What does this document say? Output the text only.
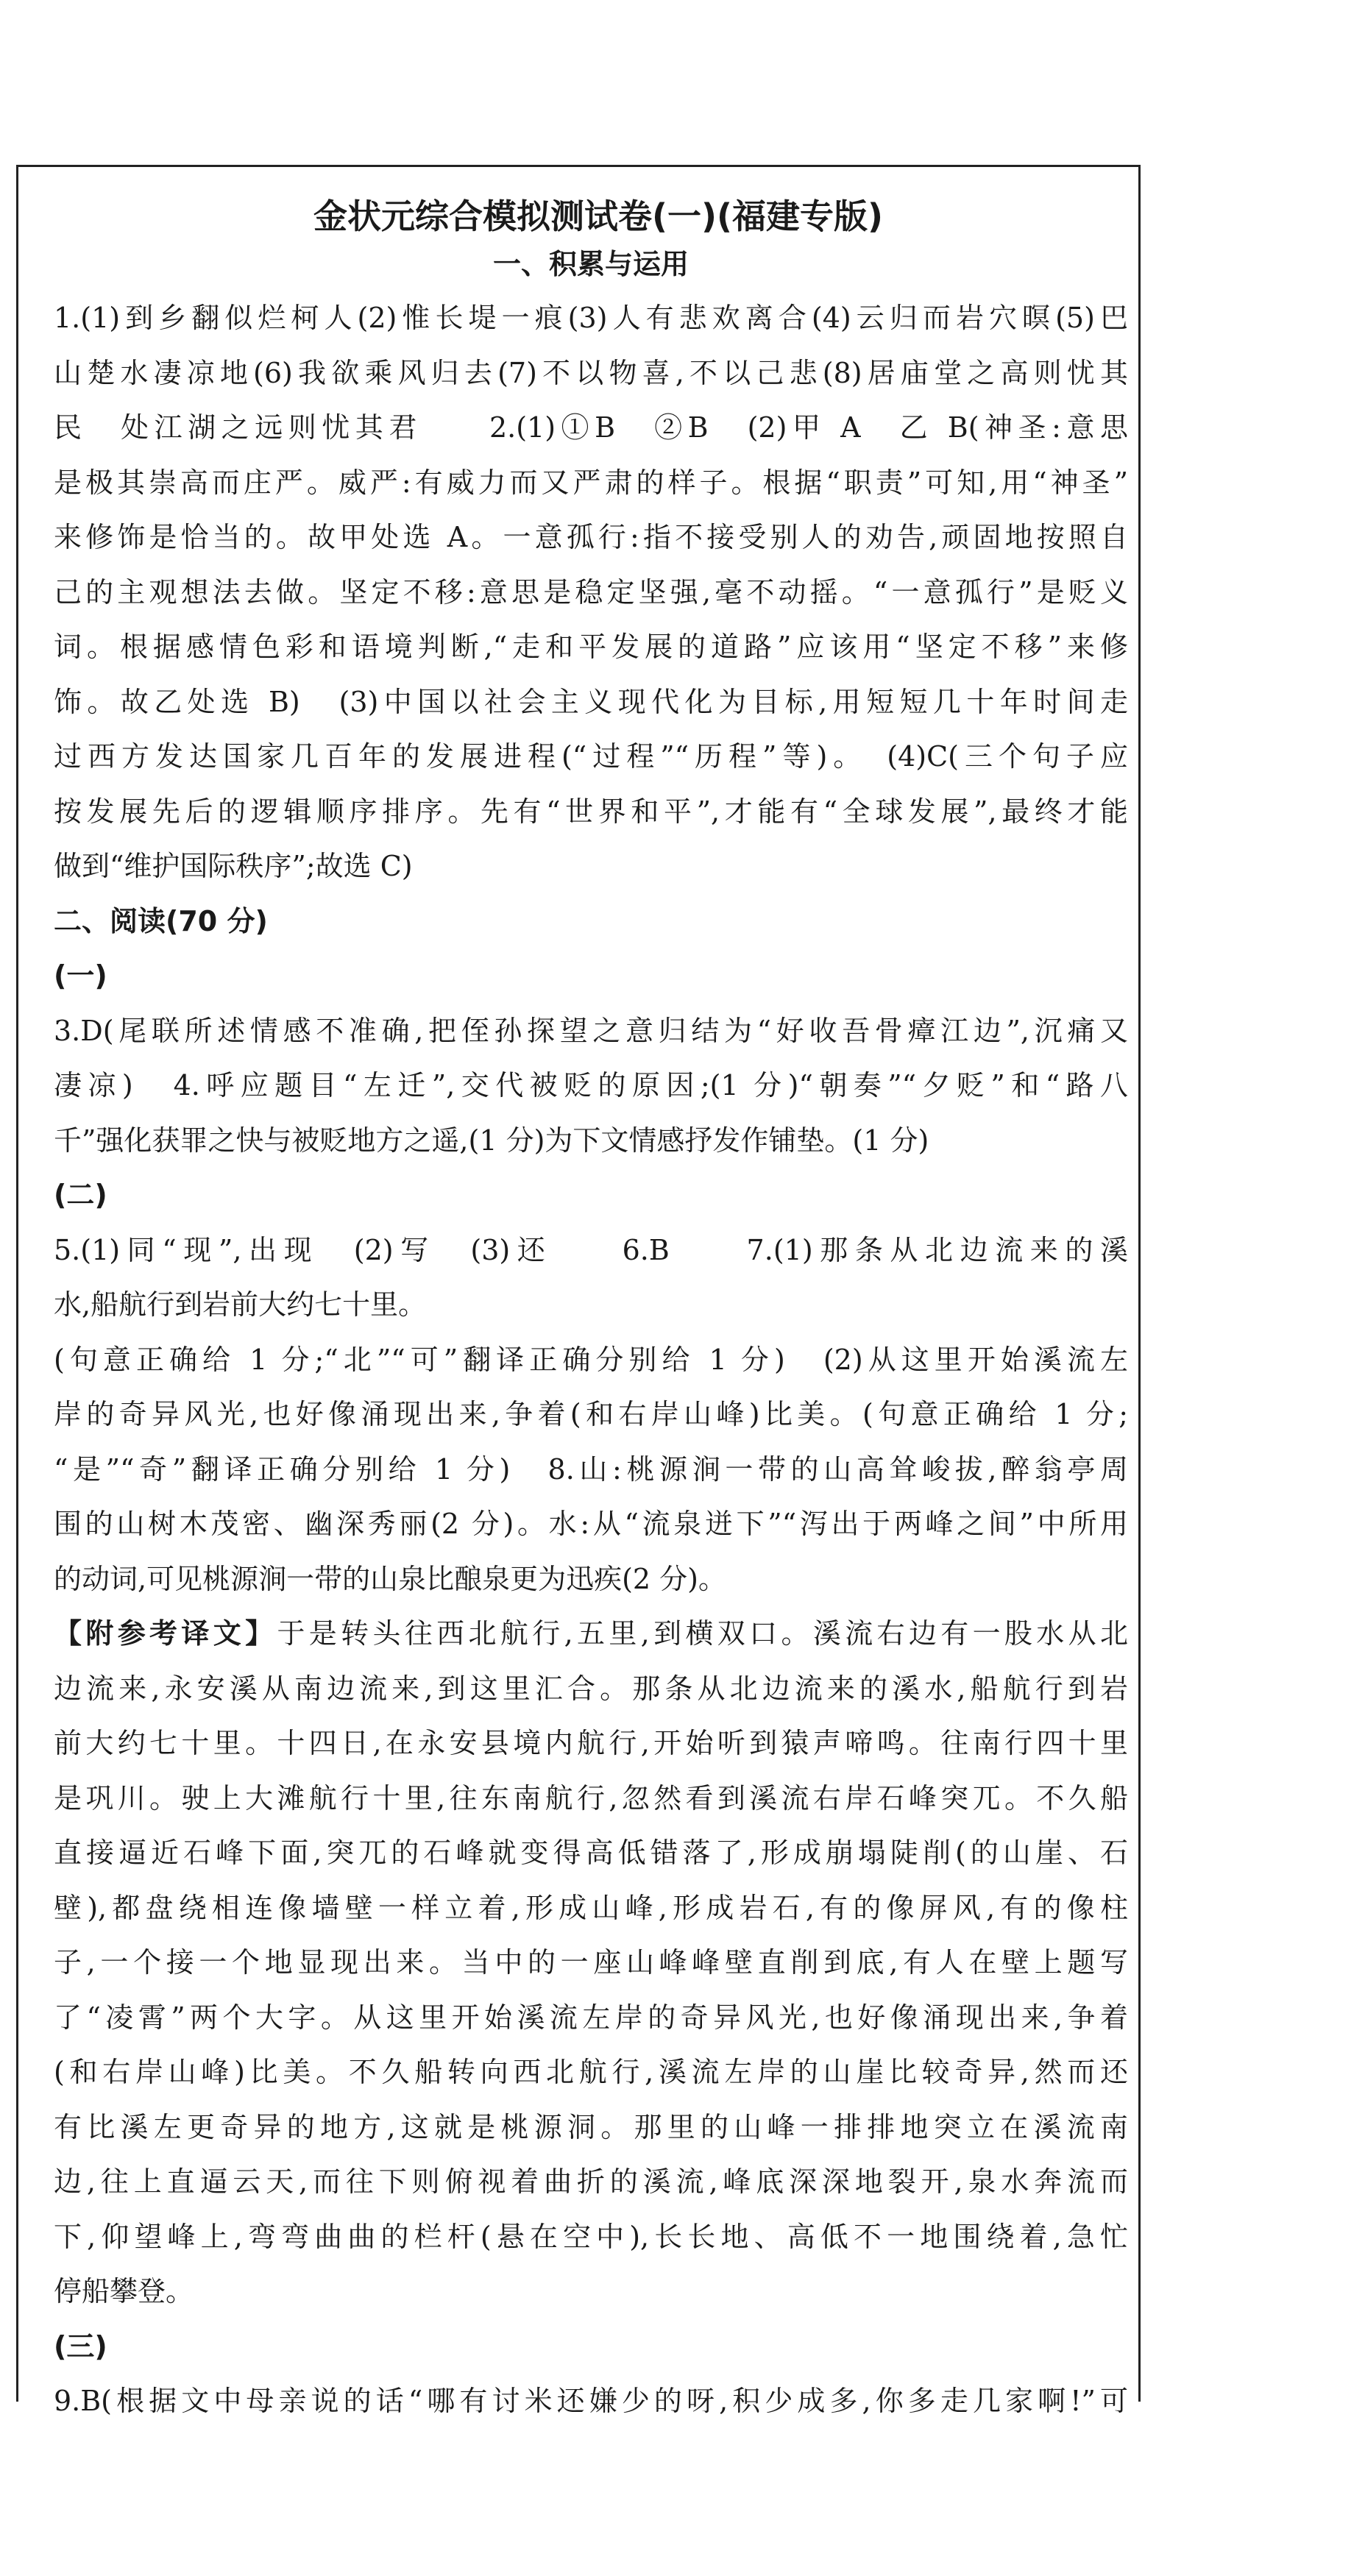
金状元综合模拟测试卷(一)(福建专版)
一、积累与运用

1.(1)到乡翻似烂柯人(2)惟长堤一痕(3)人有悲欢离合(4)云归而岩穴暝(5)巴

山楚水凄凉地(6)我欲乘风归去(7)不以物喜,不以己悲(8)居庙堂之高则忧其

民　处江湖之远则忧其君　　2.(1)①B　②B　(2)甲 A　乙 B(神圣:意思

是极其崇高而庄严。威严:有威力而又严肃的样子。根据“职责”可知,用“神圣”

来修饰是恰当的。故甲处选 A。一意孤行:指不接受别人的劝告,顽固地按照自

己的主观想法去做。坚定不移:意思是稳定坚强,毫不动摇。“一意孤行”是贬义

词。根据感情色彩和语境判断,“走和平发展的道路”应该用“坚定不移”来修

饰。故乙处选 B)　(3)中国以社会主义现代化为目标,用短短几十年时间走

过西方发达国家几百年的发展进程(“过程”“历程”等)。　(4)C(三个句子应

按发展先后的逻辑顺序排序。先有“世界和平”,才能有“全球发展”,最终才能

做到“维护国际秩序”;故选 C)

二、阅读(70 分)
(一)

3.D(尾联所述情感不准确,把侄孙探望之意归结为“好收吾骨瘴江边”,沉痛又

凄凉)　4.呼应题目“左迁”,交代被贬的原因;(1 分)“朝奏”“夕贬”和“路八

千”强化获罪之快与被贬地方之遥,(1 分)为下文情感抒发作铺垫。(1 分)

(二)

5.(1)同“现”,出现　(2)写　(3)还　　6.B　　7.(1)那条从北边流来的溪

水,船航行到岩前大约七十里。

(句意正确给 1 分;“北”“可”翻译正确分别给 1 分)　(2)从这里开始溪流左

岸的奇异风光,也好像涌现出来,争着(和右岸山峰)比美。(句意正确给 1 分;

“是”“奇”翻译正确分别给 1 分)　8.山:桃源涧一带的山高耸峻拔,醉翁亭周

围的山树木茂密、幽深秀丽(2 分)。水:从“流泉迸下”“泻出于两峰之间”中所用

的动词,可见桃源涧一带的山泉比酿泉更为迅疾(2 分)。

【附参考译文】于是转头往西北航行,五里,到横双口。溪流右边有一股水从北

边流来,永安溪从南边流来,到这里汇合。那条从北边流来的溪水,船航行到岩

前大约七十里。十四日,在永安县境内航行,开始听到猿声啼鸣。往南行四十里

是巩川。驶上大滩航行十里,往东南航行,忽然看到溪流右岸石峰突兀。不久船

直接逼近石峰下面,突兀的石峰就变得高低错落了,形成崩塌陡削(的山崖、石

壁),都盘绕相连像墙壁一样立着,形成山峰,形成岩石,有的像屏风,有的像柱

子,一个接一个地显现出来。当中的一座山峰峰壁直削到底,有人在壁上题写

了“凌霄”两个大字。从这里开始溪流左岸的奇异风光,也好像涌现出来,争着

(和右岸山峰)比美。不久船转向西北航行,溪流左岸的山崖比较奇异,然而还

有比溪左更奇异的地方,这就是桃源洞。那里的山峰一排排地突立在溪流南

边,往上直逼云天,而往下则俯视着曲折的溪流,峰底深深地裂开,泉水奔流而

下,仰望峰上,弯弯曲曲的栏杆(悬在空中),长长地、高低不一地围绕着,急忙

停船攀登。

(三)

9.B(根据文中母亲说的话“哪有讨米还嫌少的呀,积少成多,你多走几家啊!”可
